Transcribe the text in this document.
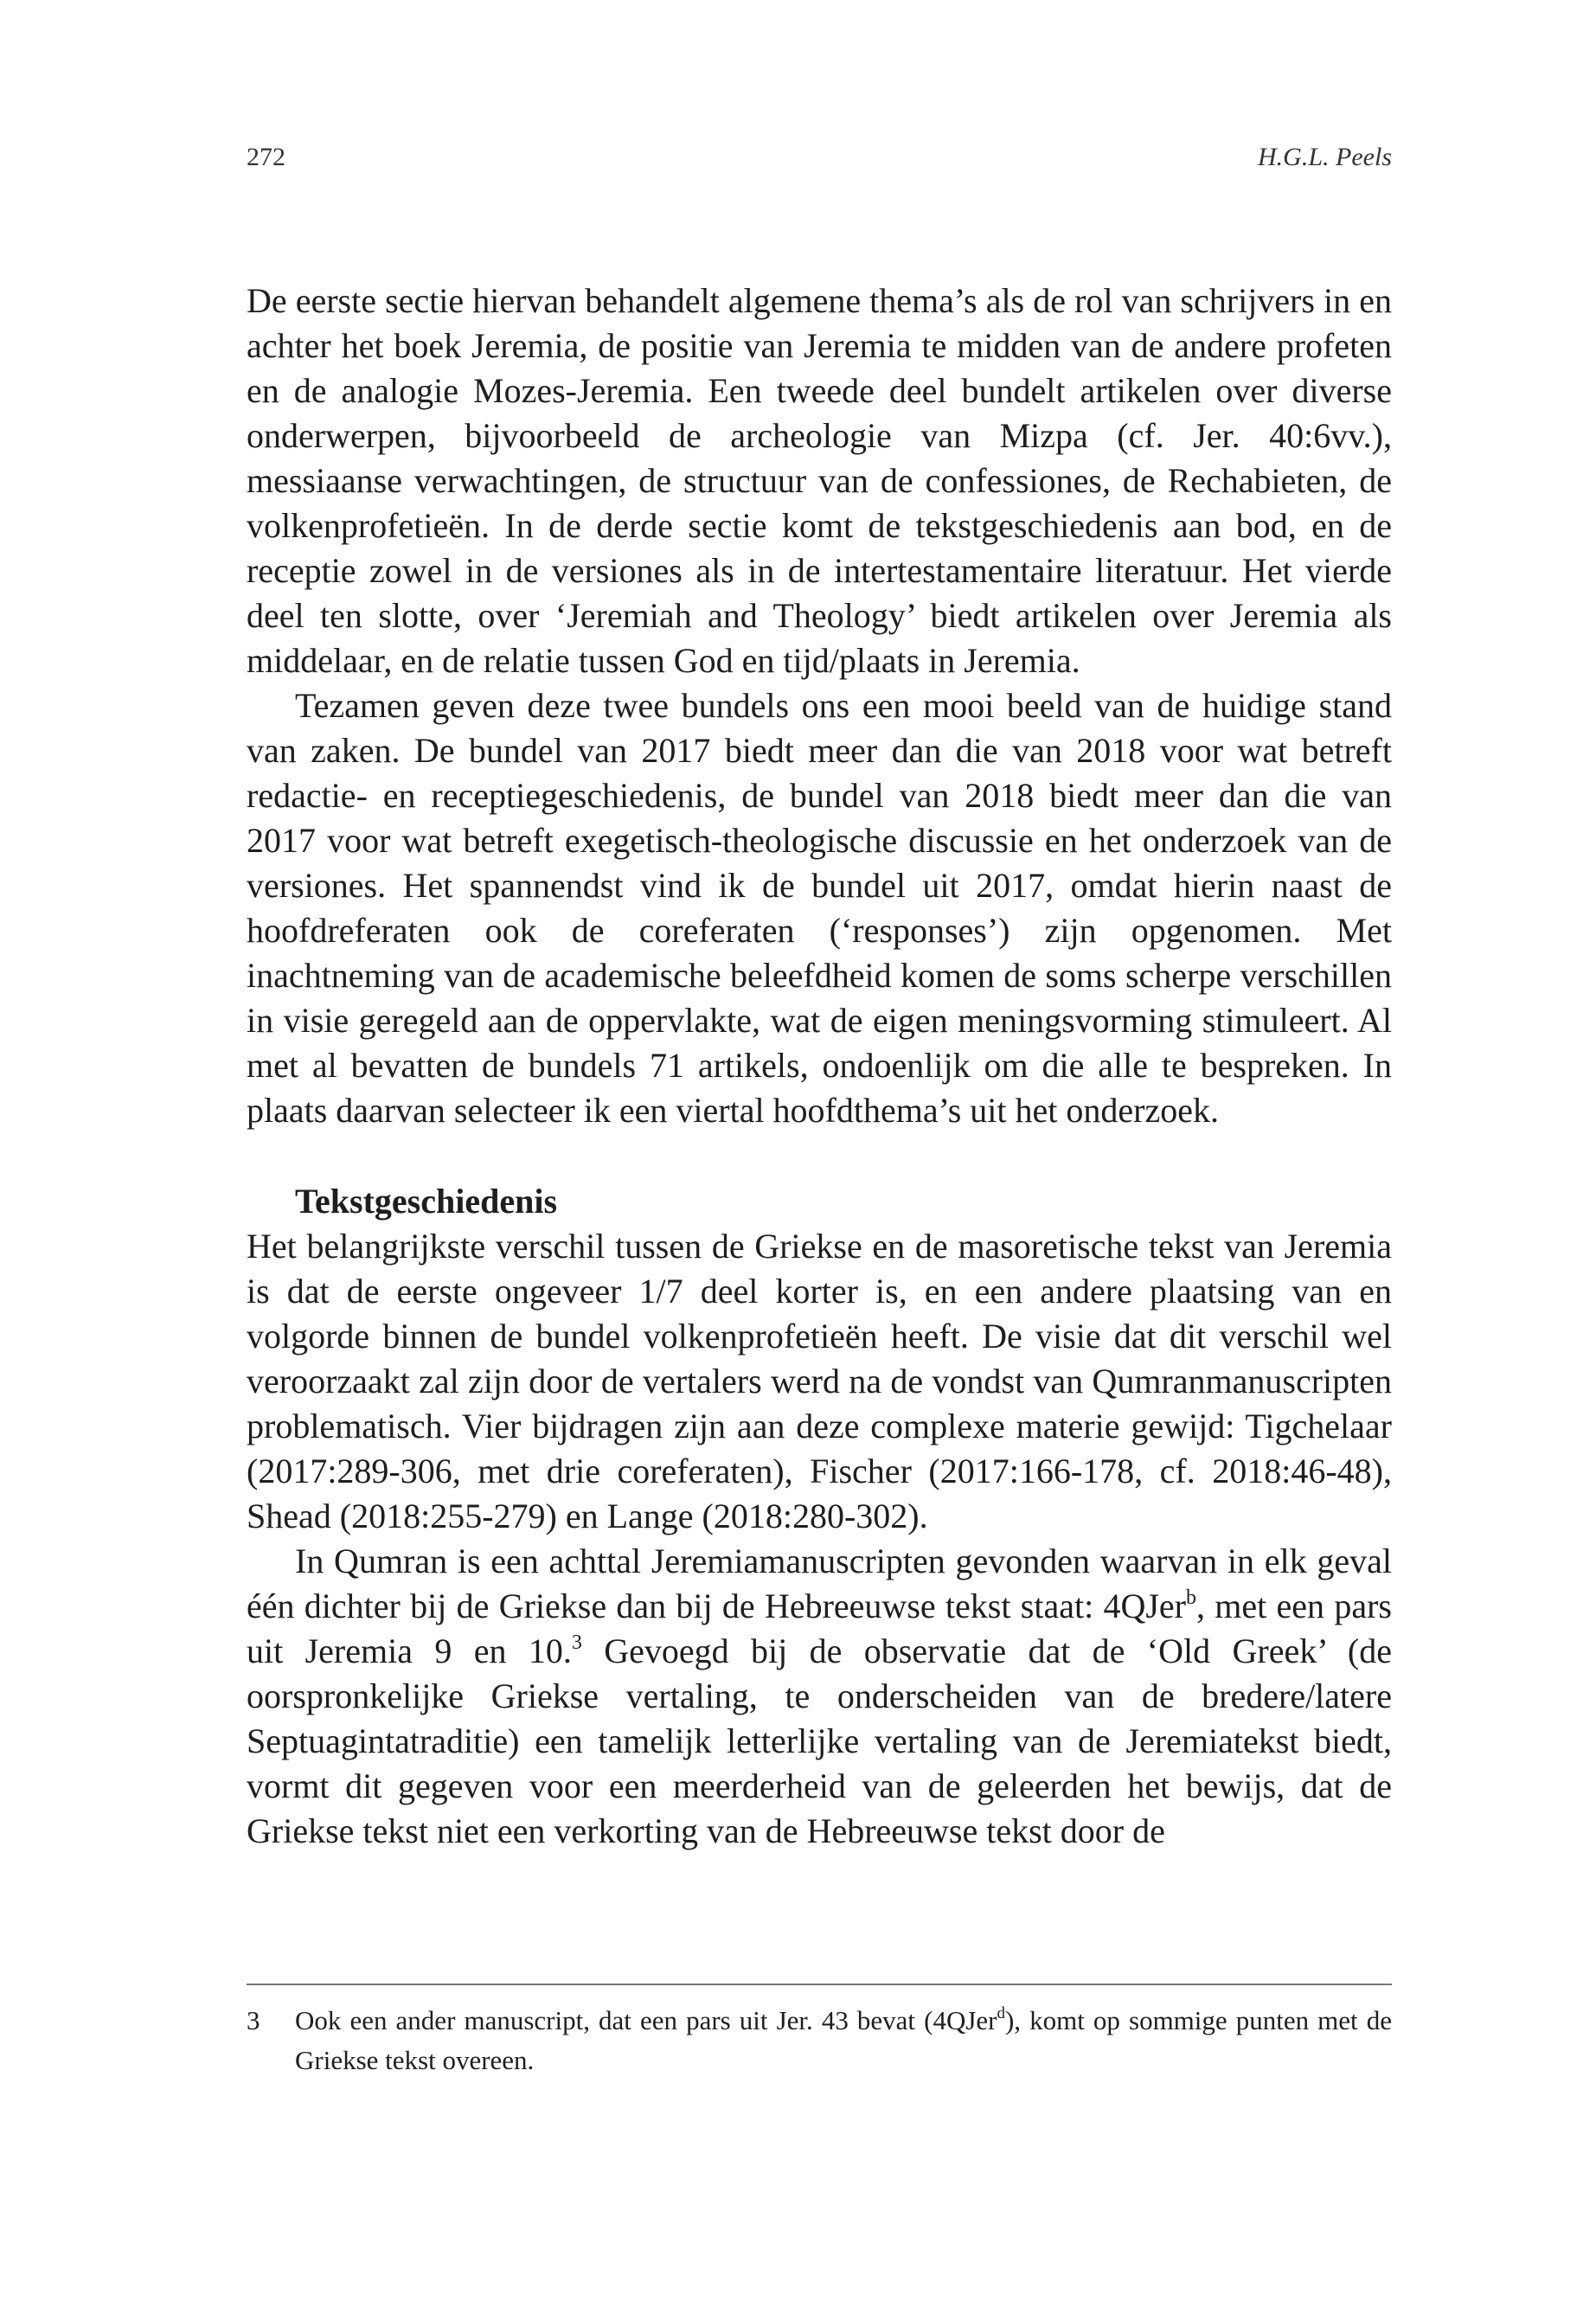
272	H.G.L. Peels

De eerste sectie hiervan behandelt algemene thema’s als de rol van schrijvers in en achter het boek Jeremia, de positie van Jeremia te midden van de andere profeten en de analogie Mozes-Jeremia. Een tweede deel bundelt artikelen over diverse onderwerpen, bijvoorbeeld de archeologie van Mizpa (cf. Jer. 40:6vv.), messiaanse verwachtingen, de structuur van de confessiones, de Rechabieten, de volkenprofetieën. In de derde sectie komt de tekstgeschiedenis aan bod, en de receptie zowel in de versiones als in de intertestamentaire literatuur. Het vierde deel ten slotte, over ‘Jeremiah and Theology’ biedt artikelen over Jeremia als middelaar, en de relatie tussen God en tijd/plaats in Jeremia.

Tezamen geven deze twee bundels ons een mooi beeld van de huidige stand van zaken. De bundel van 2017 biedt meer dan die van 2018 voor wat betreft redactie- en receptiegeschiedenis, de bundel van 2018 biedt meer dan die van 2017 voor wat betreft exegetisch-theologische discussie en het onderzoek van de versiones. Het spannendst vind ik de bundel uit 2017, omdat hierin naast de hoofdreferaten ook de coreferaten (‘responses’) zijn opgenomen. Met inachtneming van de academische beleefdheid komen de soms scherpe verschillen in visie geregeld aan de oppervlakte, wat de eigen meningsvorming stimuleert. Al met al bevatten de bundels 71 artikels, ondoenlijk om die alle te bespreken. In plaats daarvan selecteer ik een viertal hoofdthema’s uit het onderzoek.

Tekstgeschiedenis

Het belangrijkste verschil tussen de Griekse en de masoretische tekst van Jeremia is dat de eerste ongeveer 1/7 deel korter is, en een andere plaatsing van en volgorde binnen de bundel volkenprofetieën heeft. De visie dat dit verschil wel veroorzaakt zal zijn door de vertalers werd na de vondst van Qumranmanuscripten problematisch. Vier bijdragen zijn aan deze complexe materie gewijd: Tigchelaar (2017:289-306, met drie coreferaten), Fischer (2017:166-178, cf. 2018:46-48), Shead (2018:255-279) en Lange (2018:280-302).

In Qumran is een achttal Jeremiamanuscripten gevonden waarvan in elk geval één dichter bij de Griekse dan bij de Hebreeuwse tekst staat: 4QJer$^b$, met een pars uit Jeremia 9 en 10.$^3$ Gevoegd bij de observatie dat de ‘Old Greek’ (de oorspronkelijke Griekse vertaling, te onderscheiden van de bredere/latere Septuagintatraditie) een tamelijk letterlijke vertaling van de Jeremiatekst biedt, vormt dit gegeven voor een meerderheid van de geleerden het bewijs, dat de Griekse tekst niet een verkorting van de Hebreeuwse tekst door de

3	Ook een ander manuscript, dat een pars uit Jer. 43 bevat (4QJer$^d$), komt op sommige punten met de Griekse tekst overeen.
